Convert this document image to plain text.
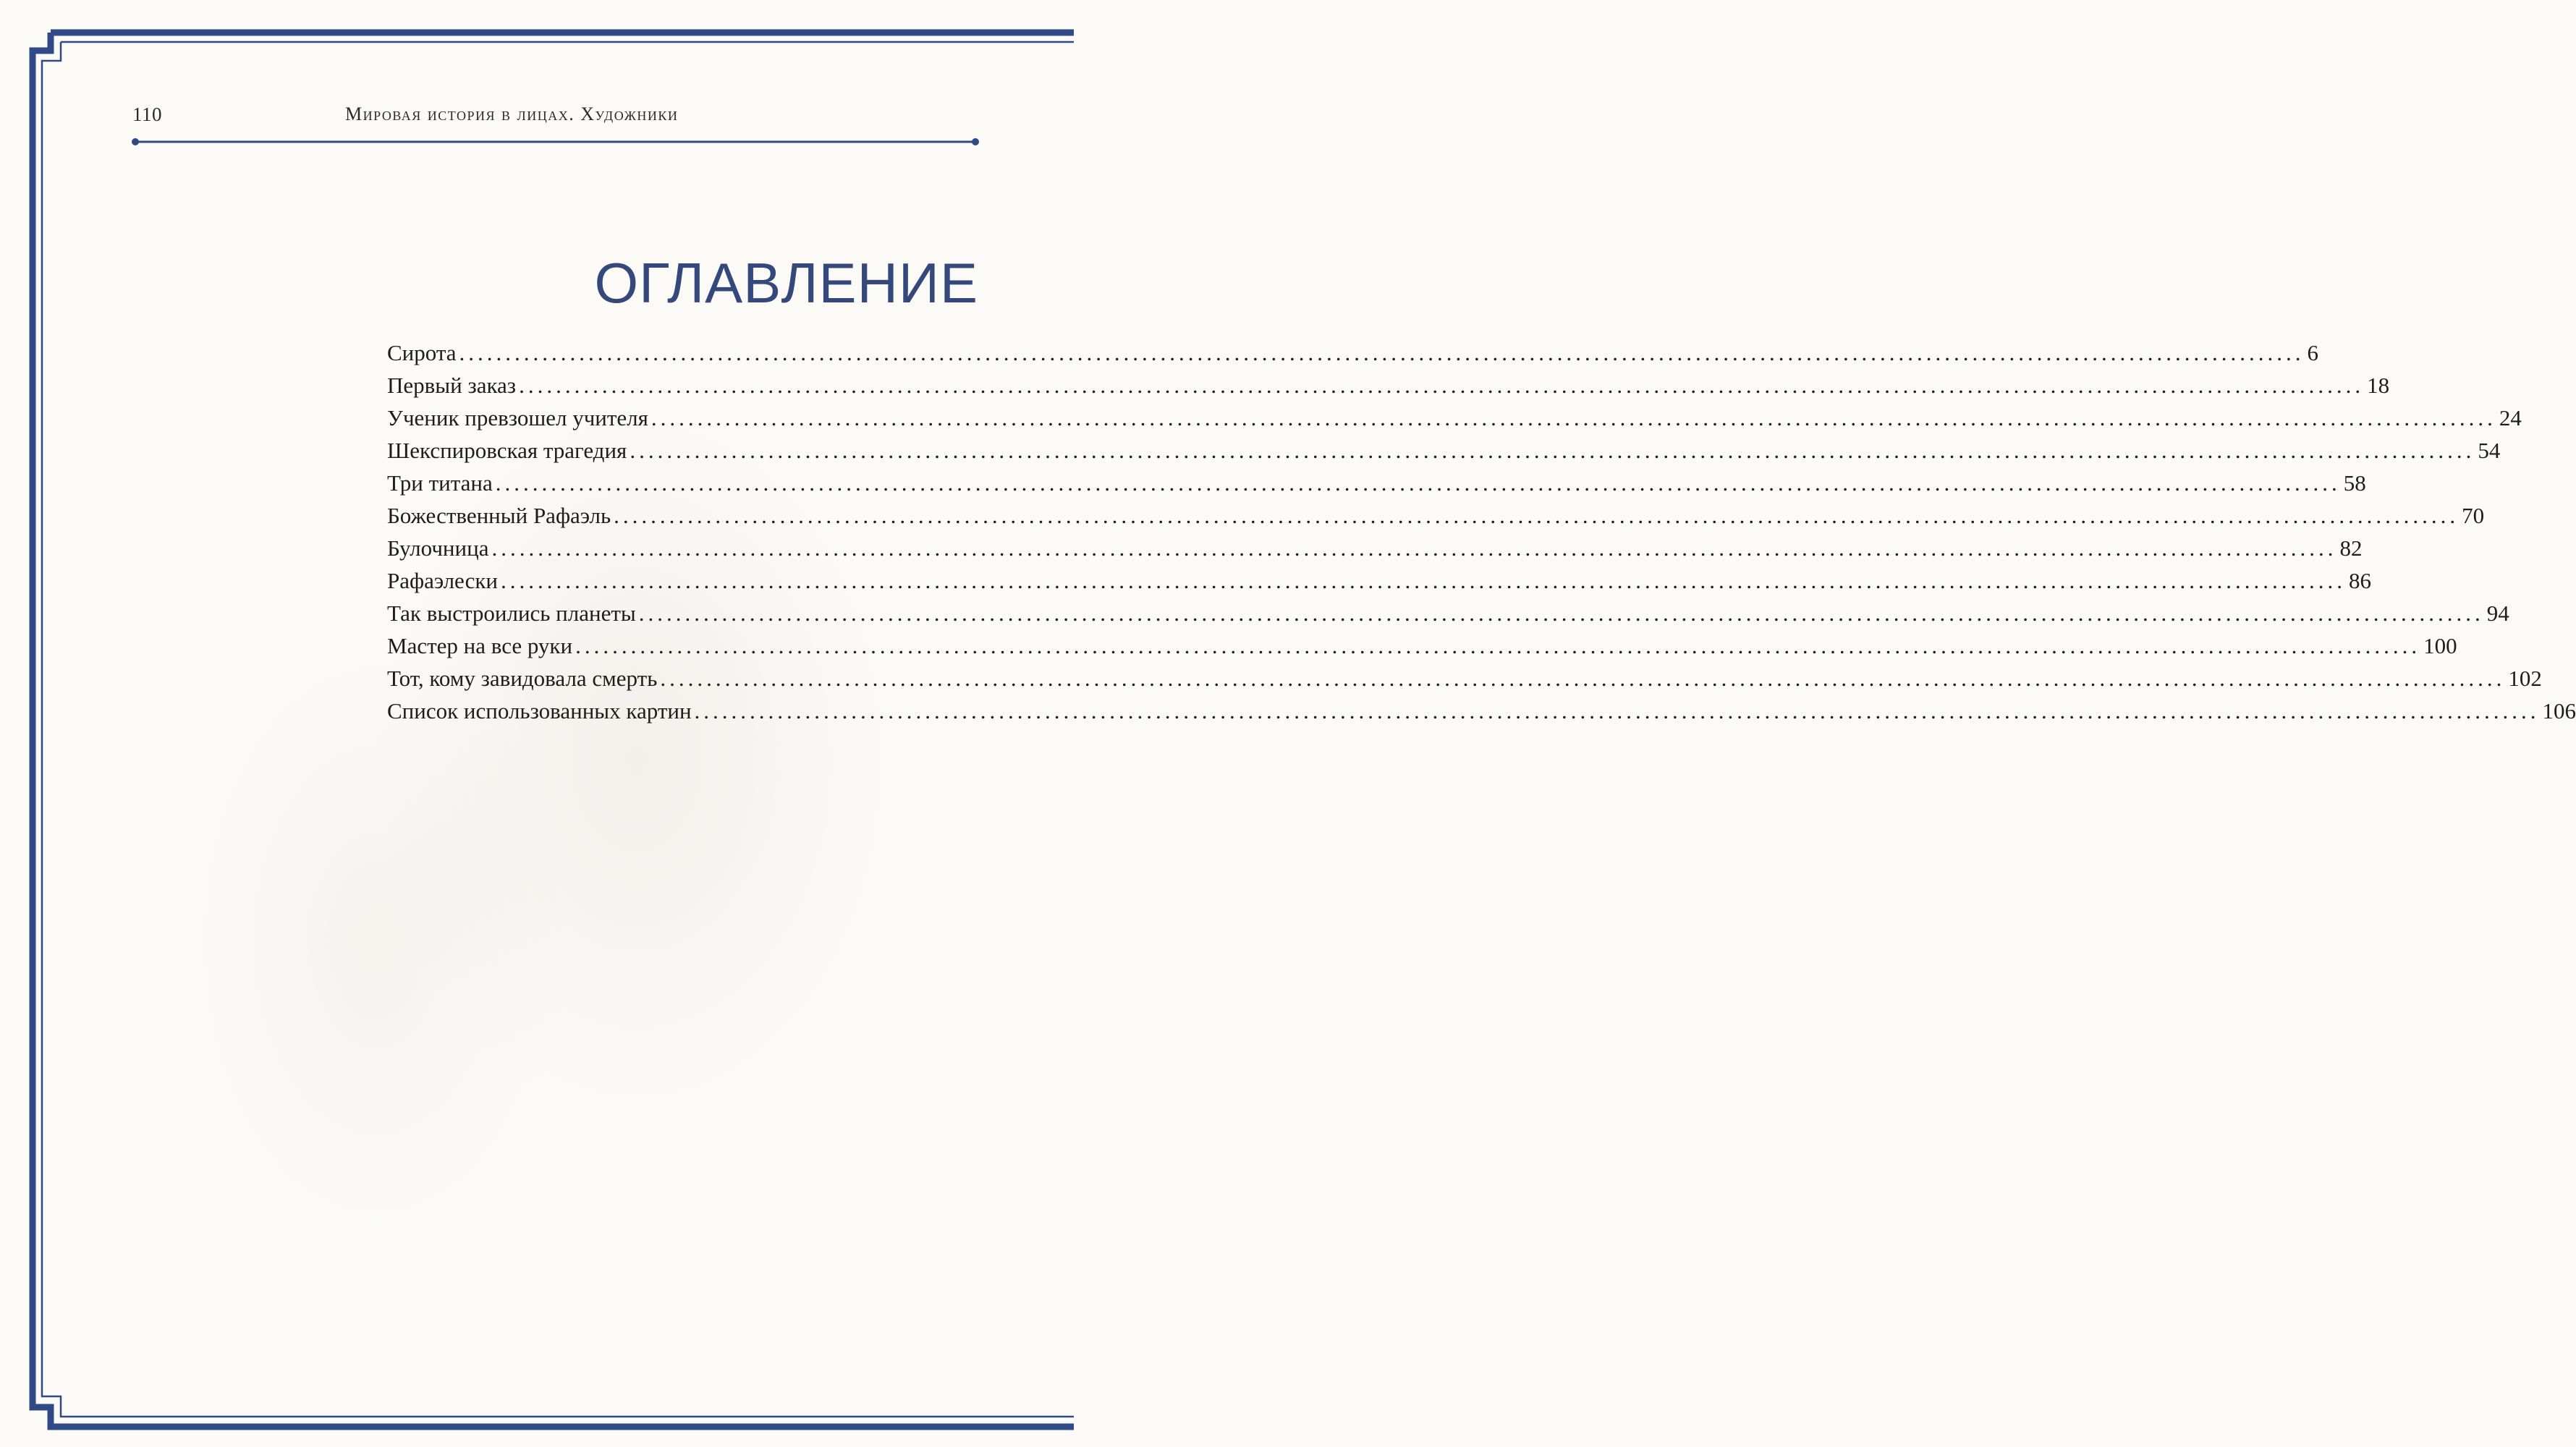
110	Мировая история в лицах. Художники
ОГЛАВЛЕНИЕ
Сирота ........................................................................................................................................................................................................ 6
Первый заказ ........................................................................................................................................................................................................ 18
Ученик превзошел учителя ........................................................................................................................................................................................................ 24
Шекспировская трагедия ........................................................................................................................................................................................................ 54
Три титана ........................................................................................................................................................................................................ 58
Божественный Рафаэль ........................................................................................................................................................................................................ 70
Булочница ........................................................................................................................................................................................................ 82
Рафаэлески ........................................................................................................................................................................................................ 86
Так выстроились планеты ........................................................................................................................................................................................................ 94
Мастер на все руки ........................................................................................................................................................................................................ 100
Тот, кому завидовала смерть ........................................................................................................................................................................................................ 102
Список использованных картин ........................................................................................................................................................................................................ 106
